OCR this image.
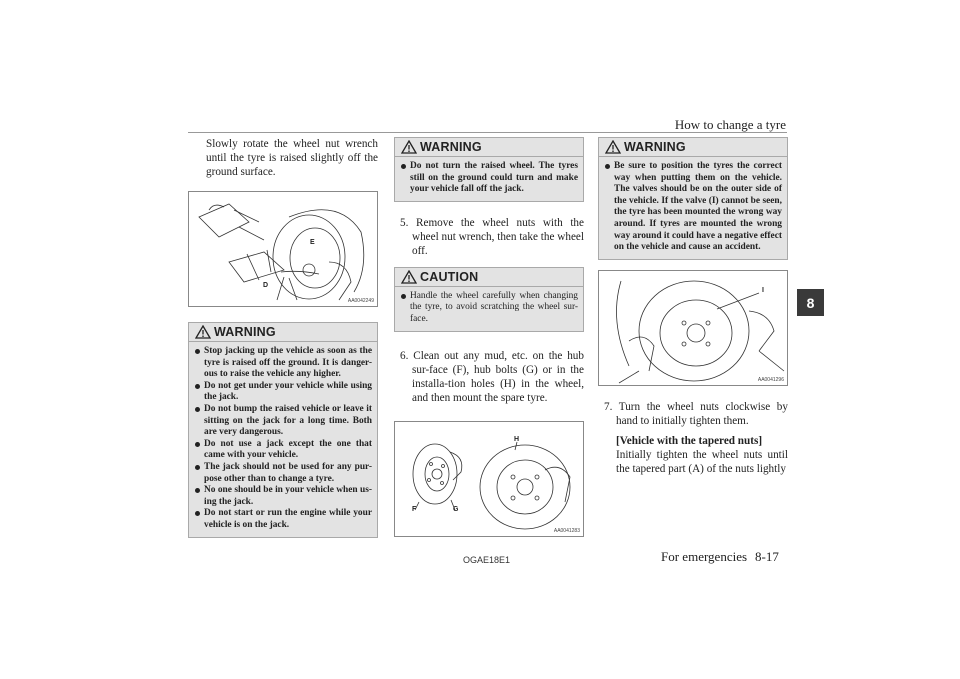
How to change a tyre
8

Slowly rotate the wheel nut wrench until the tyre is raised slightly off the ground surface.

E
D
AA0042249
WARNING
Stop jacking up the vehicle as soon as the tyre is raised off the ground. It is danger-ous to raise the vehicle any higher.
Do not get under your vehicle while using the jack.
Do not bump the raised vehicle or leave it sitting on the jack for a long time. Both are very dangerous.
Do not use a jack except the one that came with your vehicle.
The jack should not be used for any pur-pose other than to change a tyre.
No one should be in your vehicle when us-ing the jack.
Do not start or run the engine while your vehicle is on the jack.
WARNING
Do not turn the raised wheel. The tyres still on the ground could turn and make your vehicle fall off the jack.

5. Remove the wheel nuts with the wheel nut wrench, then take the wheel off.

CAUTION
Handle the wheel carefully when changing the tyre, to avoid scratching the wheel sur-face.

6. Clean out any mud, etc. on the hub sur-face (F), hub bolts (G) or in the installa-tion holes (H) in the wheel, and then mount the spare tyre.

H
F	G
AA0041283
WARNING
Be sure to position the tyres the correct way when putting them on the vehicle. The valves should be on the outer side of the vehicle. If the valve (I) cannot be seen, the tyre has been mounted the wrong way around. If tyres are mounted the wrong way around it could have a negative effect on the vehicle and cause an accident.
I
AA0041296

7. Turn the wheel nuts clockwise by hand to initially tighten them.

[Vehicle with the tapered nuts]

Initially tighten the wheel nuts until the tapered part (A) of the nuts lightly

OGAE18E1	For emergencies 8-17
